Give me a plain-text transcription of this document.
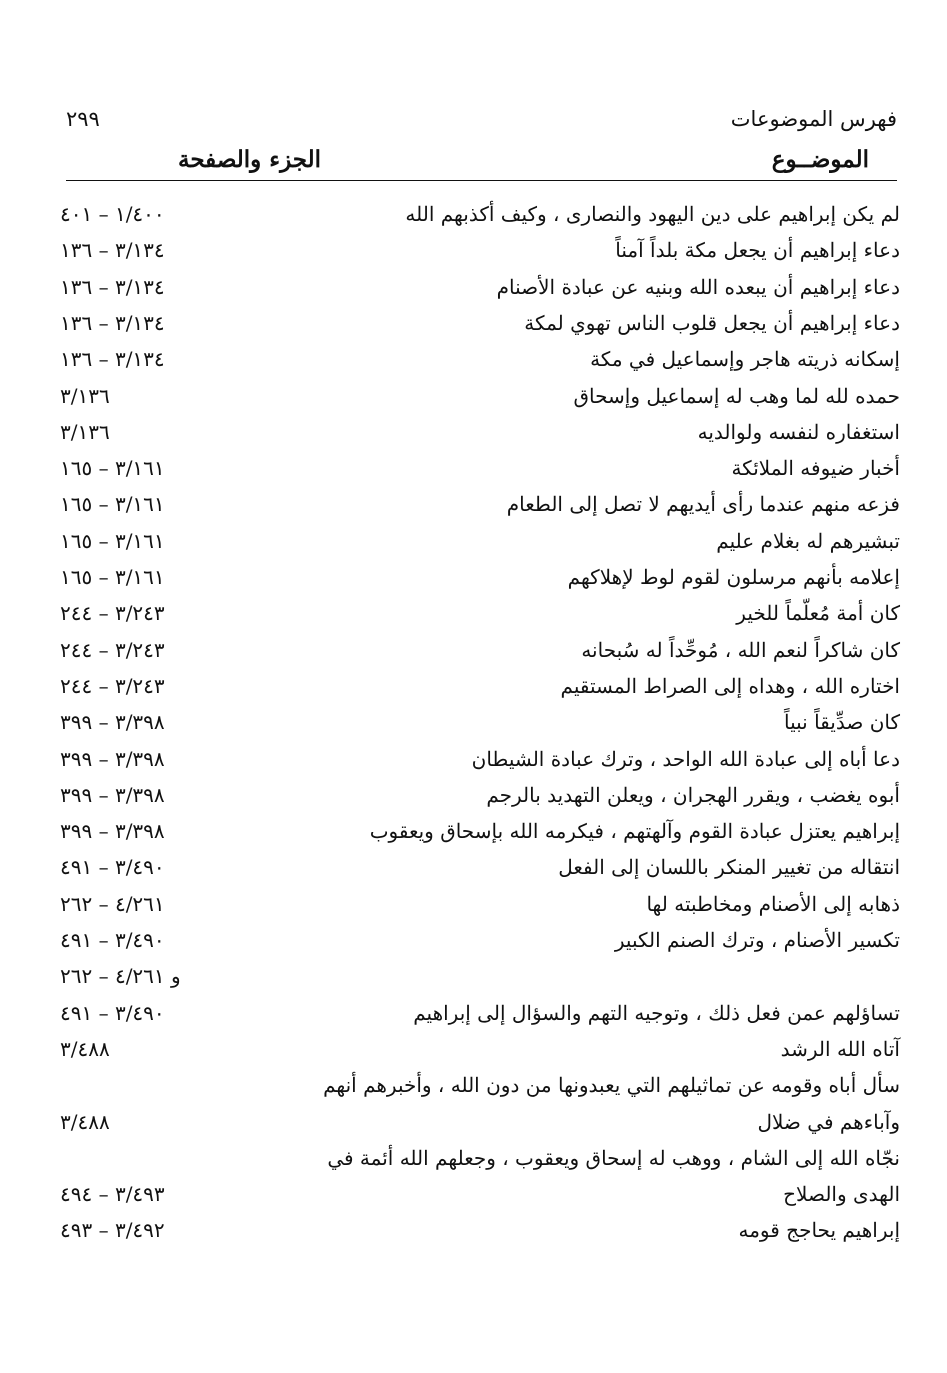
فهرس الموضوعات
٢٩٩
الموضــوع
الجزء والصفحة
لم يكن إبراهيم على دين اليهود والنصارى ، وكيف أكذبهم الله
١/٤٠٠ – ٤٠١
دعاء إبراهيم أن يجعل مكة بلداً آمناً
٣/١٣٤ – ١٣٦
دعاء إبراهيم أن يبعده الله وبنيه عن عبادة الأصنام
٣/١٣٤ – ١٣٦
دعاء إبراهيم أن يجعل قلوب الناس تهوي لمكة
٣/١٣٤ – ١٣٦
إسكانه ذريته هاجر وإسماعيل في مكة
٣/١٣٤ – ١٣٦
حمده لله لما وهب له إسماعيل وإسحاق
٣/١٣٦
استغفاره لنفسه ولوالديه
٣/١٣٦
أخبار ضيوفه الملائكة
٣/١٦١ – ١٦٥
فزعه منهم عندما رأى أيديهم لا تصل إلى الطعام
٣/١٦١ – ١٦٥
تبشيرهم له بغلام عليم
٣/١٦١ – ١٦٥
إعلامه بأنهم مرسلون لقوم لوط لإهلاكهم
٣/١٦١ – ١٦٥
كان أمة مُعلّماً للخير
٣/٢٤٣ – ٢٤٤
كان شاكراً لنعم الله ، مُوحِّداً له سُبحانه
٣/٢٤٣ – ٢٤٤
اختاره الله ، وهداه إلى الصراط المستقيم
٣/٢٤٣ – ٢٤٤
كان صدِّيقاً نبياً
٣/٣٩٨ – ٣٩٩
دعا أباه إلى عبادة الله الواحد ، وترك عبادة الشيطان
٣/٣٩٨ – ٣٩٩
أبوه يغضب ، ويقرر الهجران ، ويعلن التهديد بالرجم
٣/٣٩٨ – ٣٩٩
إبراهيم يعتزل عبادة القوم وآلهتهم ، فيكرمه الله بإسحاق ويعقوب
٣/٣٩٨ – ٣٩٩
انتقاله من تغيير المنكر باللسان إلى الفعل
٣/٤٩٠ – ٤٩١
ذهابه إلى الأصنام ومخاطبته لها
٤/٢٦١ – ٢٦٢
تكسير الأصنام ، وترك الصنم الكبير
٣/٤٩٠ – ٤٩١
و ٤/٢٦١ – ٢٦٢
تساؤلهم عمن فعل ذلك ، وتوجيه التهم والسؤال إلى إبراهيم
٣/٤٩٠ – ٤٩١
آتاه الله الرشد
٣/٤٨٨
سأل أباه وقومه عن تماثيلهم التي يعبدونها من دون الله ، وأخبرهم أنهم
وآباءهم في ضلال
٣/٤٨٨
نجّاه الله إلى الشام ، ووهب له إسحاق ويعقوب ، وجعلهم الله أئمة في
الهدى والصلاح
٣/٤٩٣ – ٤٩٤
إبراهيم يحاجج قومه
٣/٤٩٢ – ٤٩٣
